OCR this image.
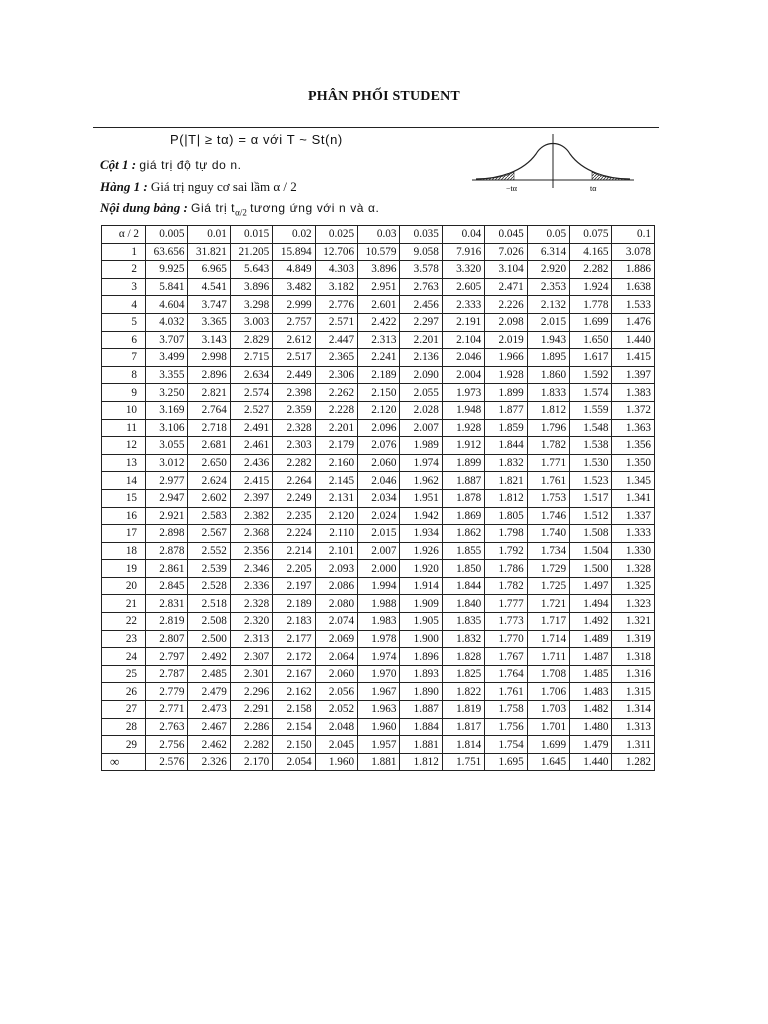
PHÂN PHỐI STUDENT
P(|T| ≥ tα) = α với T ~ St(n)
Cột 1 : giá trị độ tự do n.
Hàng 1 : Giá trị nguy cơ sai lầm α / 2
Nội dung bảng : Giá trị $t_{\alpha/2}$ tương ứng với n và α.
−tα	tα
α / 2	0.005	0.01	0.015	0.02	0.025	0.03	0.035	0.04	0.045	0.05	0.075	0.1
1	63.656	31.821	21.205	15.894	12.706	10.579	9.058	7.916	7.026	6.314	4.165	3.078
2	9.925	6.965	5.643	4.849	4.303	3.896	3.578	3.320	3.104	2.920	2.282	1.886
3	5.841	4.541	3.896	3.482	3.182	2.951	2.763	2.605	2.471	2.353	1.924	1.638
4	4.604	3.747	3.298	2.999	2.776	2.601	2.456	2.333	2.226	2.132	1.778	1.533
5	4.032	3.365	3.003	2.757	2.571	2.422	2.297	2.191	2.098	2.015	1.699	1.476
6	3.707	3.143	2.829	2.612	2.447	2.313	2.201	2.104	2.019	1.943	1.650	1.440
7	3.499	2.998	2.715	2.517	2.365	2.241	2.136	2.046	1.966	1.895	1.617	1.415
8	3.355	2.896	2.634	2.449	2.306	2.189	2.090	2.004	1.928	1.860	1.592	1.397
9	3.250	2.821	2.574	2.398	2.262	2.150	2.055	1.973	1.899	1.833	1.574	1.383
10	3.169	2.764	2.527	2.359	2.228	2.120	2.028	1.948	1.877	1.812	1.559	1.372
11	3.106	2.718	2.491	2.328	2.201	2.096	2.007	1.928	1.859	1.796	1.548	1.363
12	3.055	2.681	2.461	2.303	2.179	2.076	1.989	1.912	1.844	1.782	1.538	1.356
13	3.012	2.650	2.436	2.282	2.160	2.060	1.974	1.899	1.832	1.771	1.530	1.350
14	2.977	2.624	2.415	2.264	2.145	2.046	1.962	1.887	1.821	1.761	1.523	1.345
15	2.947	2.602	2.397	2.249	2.131	2.034	1.951	1.878	1.812	1.753	1.517	1.341
16	2.921	2.583	2.382	2.235	2.120	2.024	1.942	1.869	1.805	1.746	1.512	1.337
17	2.898	2.567	2.368	2.224	2.110	2.015	1.934	1.862	1.798	1.740	1.508	1.333
18	2.878	2.552	2.356	2.214	2.101	2.007	1.926	1.855	1.792	1.734	1.504	1.330
19	2.861	2.539	2.346	2.205	2.093	2.000	1.920	1.850	1.786	1.729	1.500	1.328
20	2.845	2.528	2.336	2.197	2.086	1.994	1.914	1.844	1.782	1.725	1.497	1.325
21	2.831	2.518	2.328	2.189	2.080	1.988	1.909	1.840	1.777	1.721	1.494	1.323
22	2.819	2.508	2.320	2.183	2.074	1.983	1.905	1.835	1.773	1.717	1.492	1.321
23	2.807	2.500	2.313	2.177	2.069	1.978	1.900	1.832	1.770	1.714	1.489	1.319
24	2.797	2.492	2.307	2.172	2.064	1.974	1.896	1.828	1.767	1.711	1.487	1.318
25	2.787	2.485	2.301	2.167	2.060	1.970	1.893	1.825	1.764	1.708	1.485	1.316
26	2.779	2.479	2.296	2.162	2.056	1.967	1.890	1.822	1.761	1.706	1.483	1.315
27	2.771	2.473	2.291	2.158	2.052	1.963	1.887	1.819	1.758	1.703	1.482	1.314
28	2.763	2.467	2.286	2.154	2.048	1.960	1.884	1.817	1.756	1.701	1.480	1.313
29	2.756	2.462	2.282	2.150	2.045	1.957	1.881	1.814	1.754	1.699	1.479	1.311
∞	2.576	2.326	2.170	2.054	1.960	1.881	1.812	1.751	1.695	1.645	1.440	1.282
